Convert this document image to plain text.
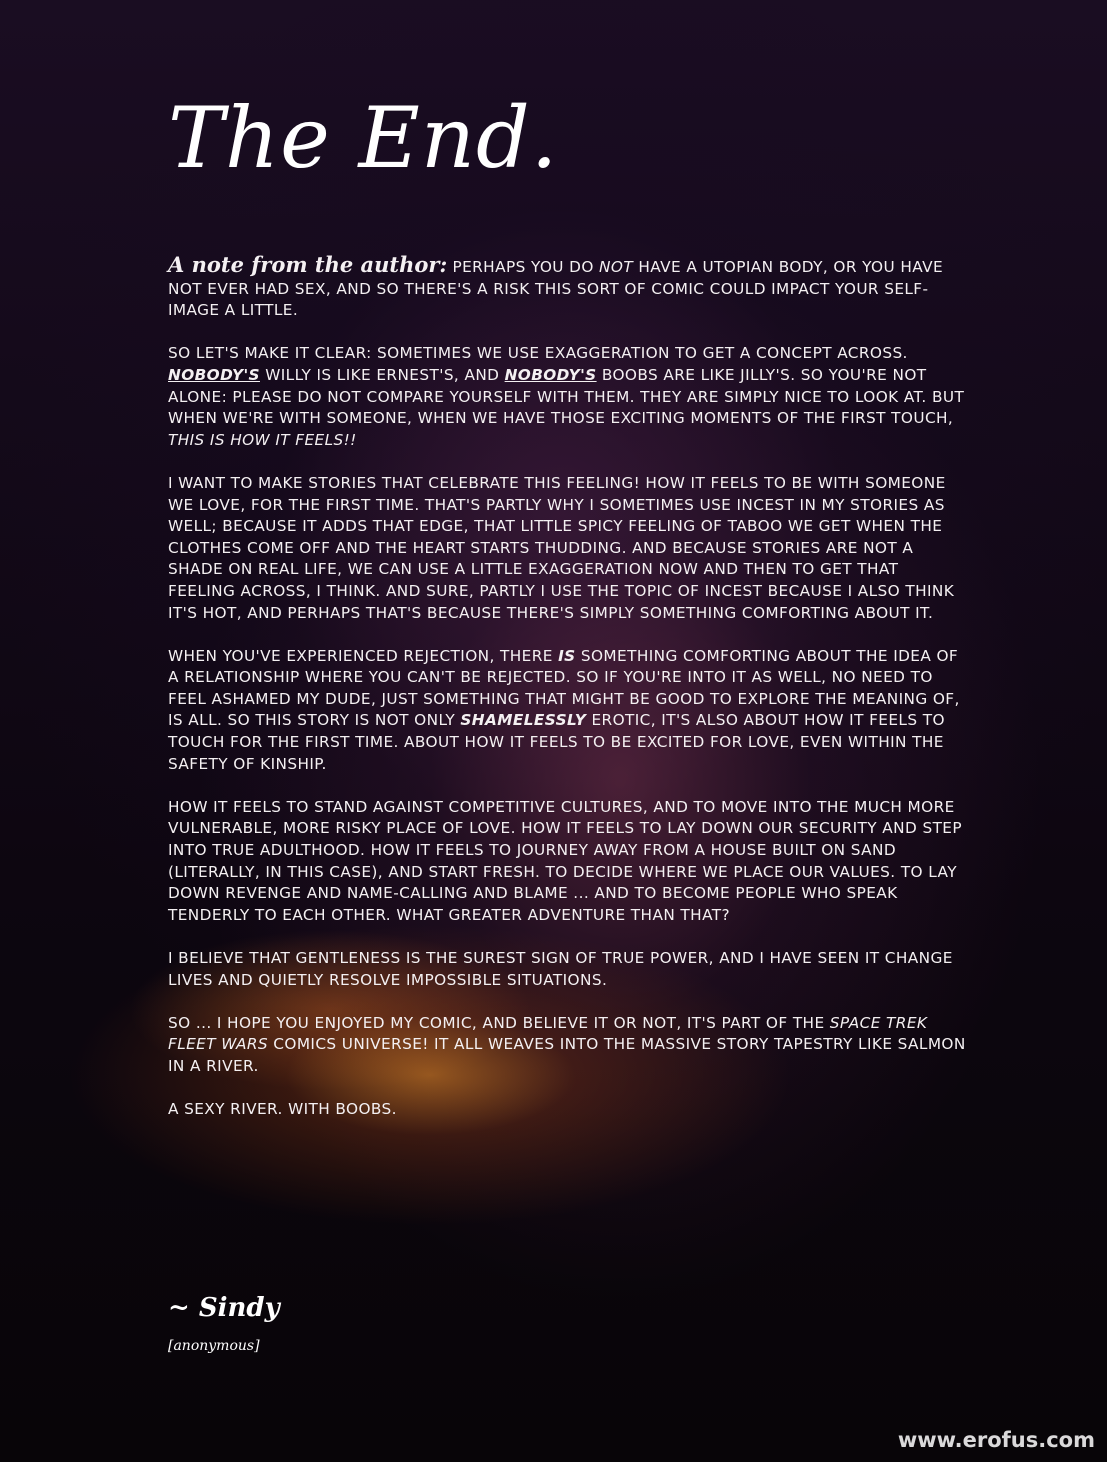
The End.

A note from the author: PERHAPS YOU DO NOT HAVE A UTOPIAN BODY, OR YOU HAVE NOT EVER HAD SEX, AND SO THERE'S A RISK THIS SORT OF COMIC COULD IMPACT YOUR SELF-IMAGE A LITTLE.

SO LET'S MAKE IT CLEAR: SOMETIMES WE USE EXAGGERATION TO GET A CONCEPT ACROSS. NOBODY'S WILLY IS LIKE ERNEST'S, AND NOBODY'S BOOBS ARE LIKE JILLY'S. SO YOU'RE NOT ALONE: PLEASE DO NOT COMPARE YOURSELF WITH THEM. THEY ARE SIMPLY NICE TO LOOK AT. BUT WHEN WE'RE WITH SOMEONE, WHEN WE HAVE THOSE EXCITING MOMENTS OF THE FIRST TOUCH, THIS IS HOW IT FEELS!!

I WANT TO MAKE STORIES THAT CELEBRATE THIS FEELING! HOW IT FEELS TO BE WITH SOMEONE WE LOVE, FOR THE FIRST TIME. THAT'S PARTLY WHY I SOMETIMES USE INCEST IN MY STORIES AS WELL; BECAUSE IT ADDS THAT EDGE, THAT LITTLE SPICY FEELING OF TABOO WE GET WHEN THE CLOTHES COME OFF AND THE HEART STARTS THUDDING. AND BECAUSE STORIES ARE NOT A SHADE ON REAL LIFE, WE CAN USE A LITTLE EXAGGERATION NOW AND THEN TO GET THAT FEELING ACROSS, I THINK. AND SURE, PARTLY I USE THE TOPIC OF INCEST BECAUSE I ALSO THINK IT'S HOT, AND PERHAPS THAT'S BECAUSE THERE'S SIMPLY SOMETHING COMFORTING ABOUT IT.

WHEN YOU'VE EXPERIENCED REJECTION, THERE IS SOMETHING COMFORTING ABOUT THE IDEA OF A RELATIONSHIP WHERE YOU CAN'T BE REJECTED. SO IF YOU'RE INTO IT AS WELL, NO NEED TO FEEL ASHAMED MY DUDE, JUST SOMETHING THAT MIGHT BE GOOD TO EXPLORE THE MEANING OF, IS ALL. SO THIS STORY IS NOT ONLY SHAMELESSLY EROTIC, IT'S ALSO ABOUT HOW IT FEELS TO TOUCH FOR THE FIRST TIME. ABOUT HOW IT FEELS TO BE EXCITED FOR LOVE, EVEN WITHIN THE SAFETY OF KINSHIP.

HOW IT FEELS TO STAND AGAINST COMPETITIVE CULTURES, AND TO MOVE INTO THE MUCH MORE VULNERABLE, MORE RISKY PLACE OF LOVE. HOW IT FEELS TO LAY DOWN OUR SECURITY AND STEP INTO TRUE ADULTHOOD. HOW IT FEELS TO JOURNEY AWAY FROM A HOUSE BUILT ON SAND (LITERALLY, IN THIS CASE), AND START FRESH. TO DECIDE WHERE WE PLACE OUR VALUES. TO LAY DOWN REVENGE AND NAME-CALLING AND BLAME ... AND TO BECOME PEOPLE WHO SPEAK TENDERLY TO EACH OTHER. WHAT GREATER ADVENTURE THAN THAT?

I BELIEVE THAT GENTLENESS IS THE SUREST SIGN OF TRUE POWER, AND I HAVE SEEN IT CHANGE LIVES AND QUIETLY RESOLVE IMPOSSIBLE SITUATIONS.

SO ... I HOPE YOU ENJOYED MY COMIC, AND BELIEVE IT OR NOT, IT'S PART OF THE SPACE TREK FLEET WARS COMICS UNIVERSE! IT ALL WEAVES INTO THE MASSIVE STORY TAPESTRY LIKE SALMON IN A RIVER.

A SEXY RIVER. WITH BOOBS.

~ Sindy
[anonymous]
www.erofus.com
